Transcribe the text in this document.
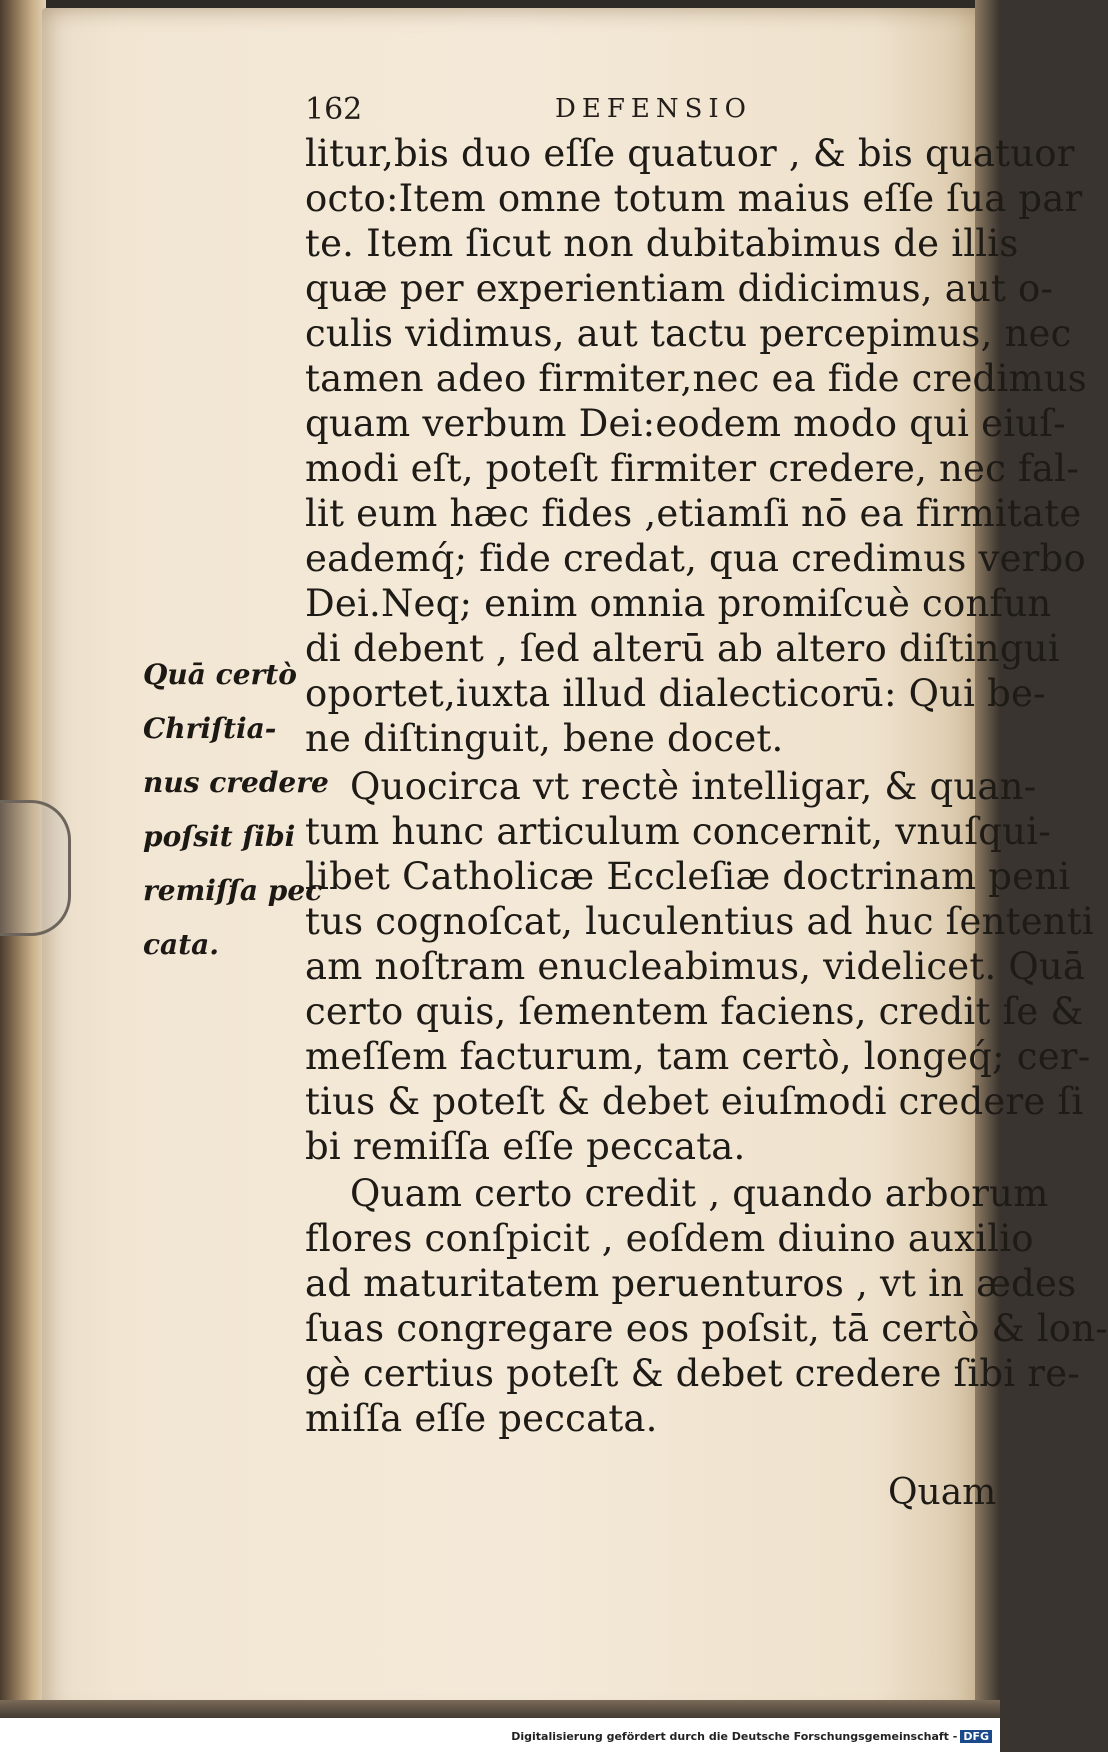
162	DEFENSIO
litur,bis duo eſſe quatuor , & bis quatuor
octo:Item omne totum maius eſſe ſua par
te. Item ſicut non dubitabimus de illis
quæ per experientiam didicimus, aut o-
culis vidimus, aut tactu percepimus, nec
tamen adeo firmiter,nec ea fide credimus
quam verbum Dei:eodem modo qui eiuſ-
modi eſt, poteſt firmiter credere, nec fal-
lit eum hæc fides ,etiamſi nō ea firmitate
eademq́; fide credat, qua credimus verbo
Dei.Neq; enim omnia promiſcuè confun
di debent , ſed alterū ab altero diſtingui
oportet,iuxta illud dialecticorū: Qui be-
ne diſtinguit, bene docet.
Quocirca vt rectè intelligar, & quan-
tum hunc articulum concernit, vnuſqui-
libet Catholicæ Eccleſiæ doctrinam peni
tus cognoſcat, luculentius ad huc ſententi
am noſtram enucleabimus, videlicet. Quā
certo quis, ſementem faciens, credit ſe &
meſſem facturum, tam certò, longeq́; cer-
tius & poteſt & debet eiuſmodi credere ſi
bi remiſſa eſſe peccata.
Quam certo credit , quando arborum
flores conſpicit , eoſdem diuino auxilio
ad maturitatem peruenturos , vt in ædes
ſuas congregare eos poſsit, tā certò & lon-
gè certius poteſt & debet credere ſibi re-
miſſa eſſe peccata.
Quā certò
Chriſtia-
nus credere
poſsit ſibi
remiſſa pec
cata.
Quam
Digitalisierung gefördert durch die Deutsche Forschungsgemeinschaft - DFG
